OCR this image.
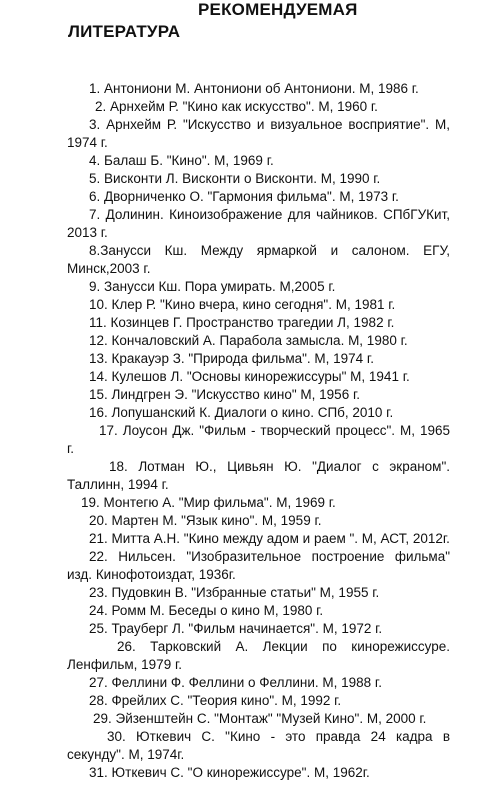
РЕКОМЕНДУЕМАЯ
ЛИТЕРАТУРА

1. Антониони М. Антониони об Антониони. М, 1986 г.

2. Арнхейм Р. "Кино как искусство". М, 1960 г.

3. Арнхейм Р. "Искусство и визуальное восприятие". М, 1974 г.

4. Балаш Б. "Кино". М, 1969 г.

5. Висконти Л. Висконти о Висконти. М, 1990 г.

6. Дворниченко О. "Гармония фильма". М, 1973 г.

7. Долинин. Киноизображение для чайников. СПбГУКит, 2013 г.

8.Занусси Кш. Между ярмаркой и салоном. ЕГУ, Минск,2003 г.

9. Занусси Кш. Пора умирать. М,2005 г.

10. Клер Р. "Кино вчера, кино сегодня". М, 1981 г.

11. Козинцев Г. Пространство трагедии Л, 1982 г.

12. Кончаловский А. Парабола замысла. М, 1980 г.

13. Кракауэр З. "Природа фильма". М, 1974 г.

14. Кулешов Л. "Основы кинорежиссуры" М, 1941 г.

15. Линдгрен Э. "Искусство кино" М, 1956 г.

16. Лопушанский К. Диалоги о кино. СПб, 2010 г.

17. Лоусон Дж. "Фильм - творческий процесс". М, 1965 г.

18. Лотман Ю., Цивьян Ю. "Диалог с экраном". Таллинн, 1994 г.

19. Монтегю А. "Мир фильма". М, 1969 г.

20. Мартен М. "Язык кино". М, 1959 г.

21. Митта А.Н. "Кино между адом и раем ". М, АСТ, 2012г.

22. Нильсен. "Изобразительное построение фильма" изд. Кинофотоиздат, 1936г.

23. Пудовкин В. "Избранные статьи" М, 1955 г.

24. Ромм М. Беседы о кино М, 1980 г.

25. Трауберг Л. "Фильм начинается". М, 1972 г.

26. Тарковский А. Лекции по кинорежиссуре. Ленфильм, 1979 г.

27. Феллини Ф. Феллини о Феллини. М, 1988 г.

28. Фрейлих С. "Теория кино". М, 1992 г.

29. Эйзенштейн С. "Монтаж" "Музей Кино". М, 2000 г.

30. Юткевич С. "Кино - это правда 24 кадра в секунду". М, 1974г.

31. Юткевич С. "О кинорежиссуре". М, 1962г.
